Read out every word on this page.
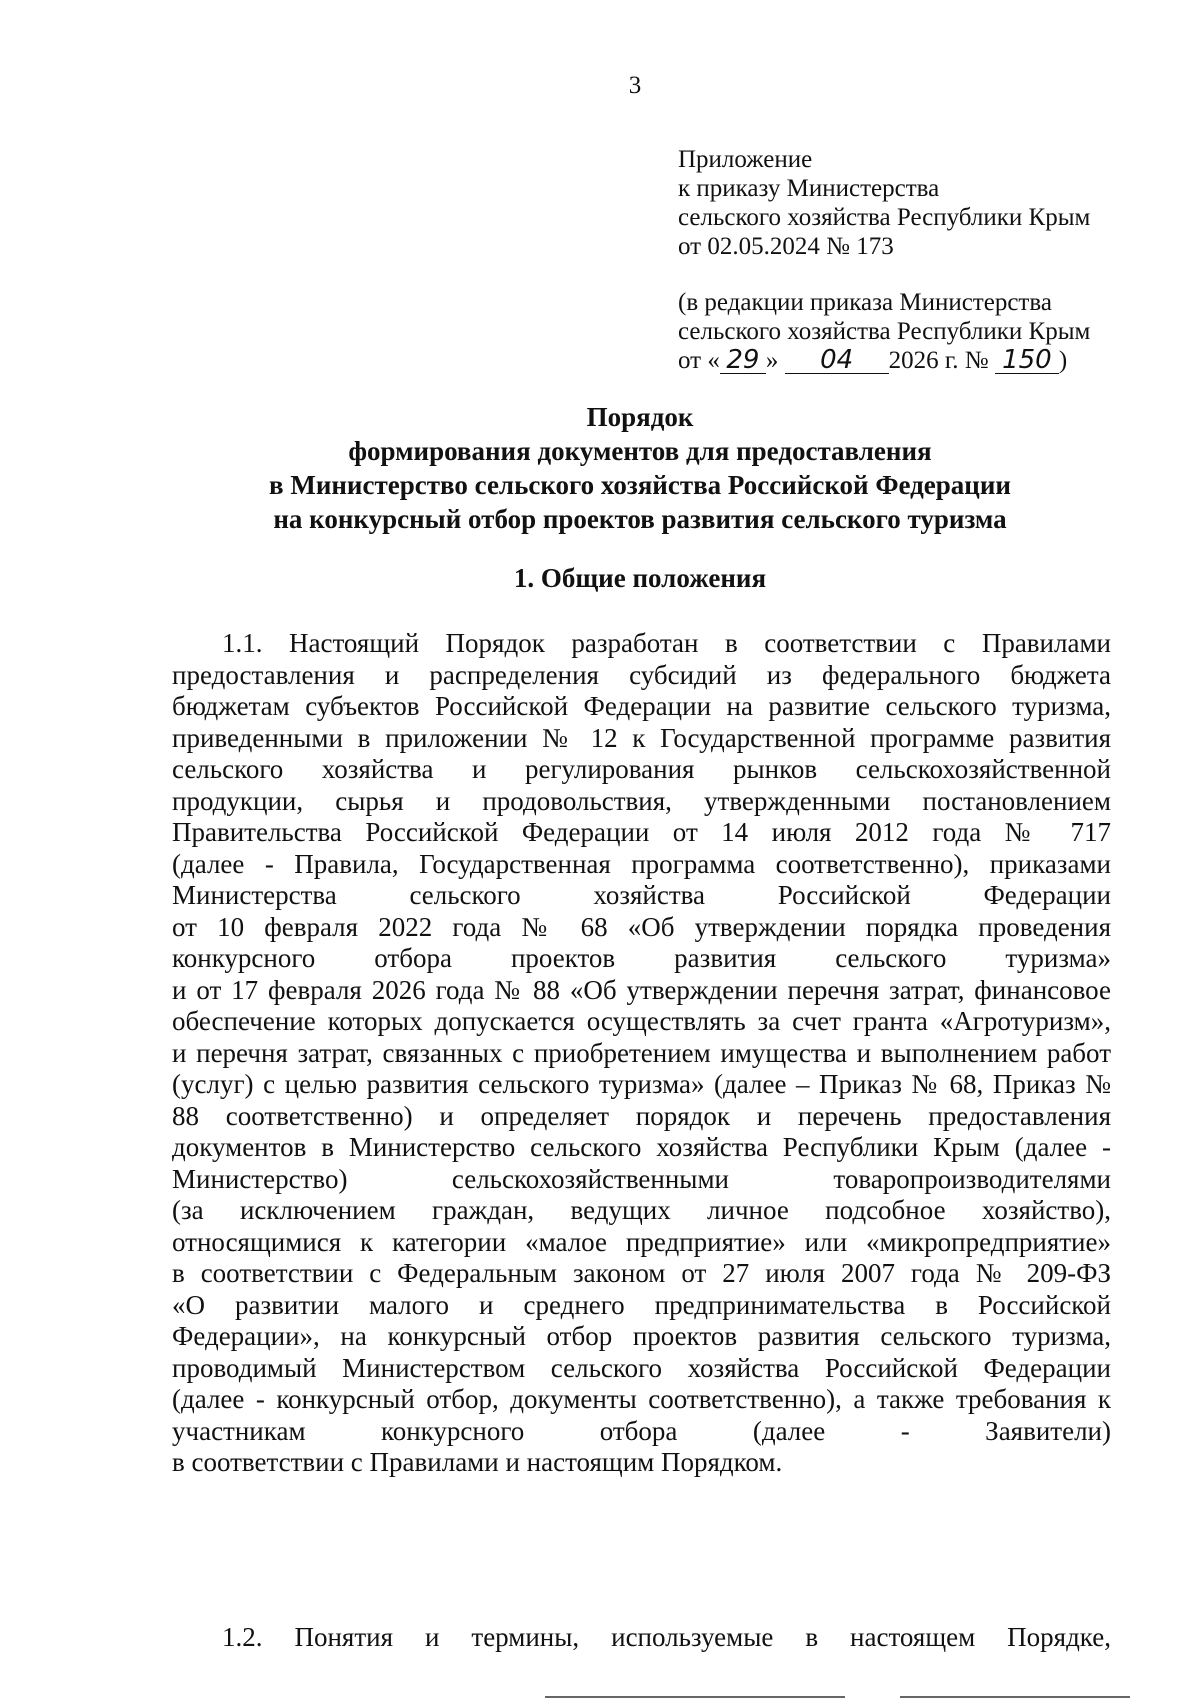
3
Приложение
к приказу Министерства
сельского хозяйства Республики Крым
от 02.05.2024 № 173
(в редакции приказа Министерства
сельского хозяйства Республики Крым
от « 29 » 04 2026 г. № 150 )
Порядок
формирования документов для предоставления
в Министерство сельского хозяйства Российской Федерации
на конкурсный отбор проектов развития сельского туризма
1. Общие положения
1.1. Настоящий Порядок разработан в соответствии с Правилами
предоставления и распределения субсидий из федерального бюджета
бюджетам субъектов Российской Федерации на развитие сельского туризма,
приведенными в приложении № 12 к Государственной программе развития
сельского хозяйства и регулирования рынков сельскохозяйственной
продукции, сырья и продовольствия, утвержденными постановлением
Правительства Российской Федерации от 14 июля 2012 года № 717
(далее - Правила, Государственная программа соответственно), приказами
Министерства сельского хозяйства Российской Федерации
от 10 февраля 2022 года № 68 «Об утверждении порядка проведения
конкурсного отбора проектов развития сельского туризма»
и от 17 февраля 2026 года № 88 «Об утверждении перечня затрат, финансовое
обеспечение которых допускается осуществлять за счет гранта «Агротуризм»,
и перечня затрат, связанных с приобретением имущества и выполнением работ
(услуг) с целью развития сельского туризма» (далее – Приказ № 68, Приказ №
88 соответственно) и определяет порядок и перечень предоставления
документов в Министерство сельского хозяйства Республики Крым (далее -
Министерство) сельскохозяйственными товаропроизводителями
(за исключением граждан, ведущих личное подсобное хозяйство),
относящимися к категории «малое предприятие» или «микропредприятие»
в соответствии с Федеральным законом от 27 июля 2007 года № 209-ФЗ
«О развитии малого и среднего предпринимательства в Российской
Федерации», на конкурсный отбор проектов развития сельского туризма,
проводимый Министерством сельского хозяйства Российской Федерации
(далее - конкурсный отбор, документы соответственно), а также требования к
участникам конкурсного отбора (далее - Заявители)
в соответствии с Правилами и настоящим Порядком.
1.2. Понятия и термины, используемые в настоящем Порядке,
